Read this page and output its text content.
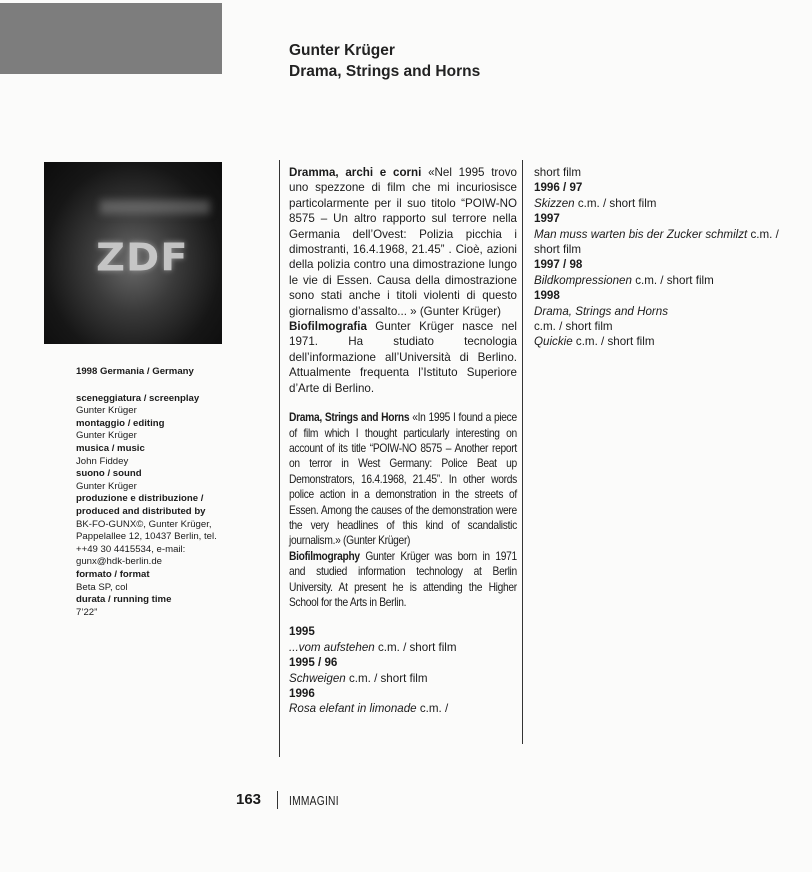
Gunter Krüger
Drama, Strings and Horns
ZDF
1998 Germania / Germany
sceneggiatura / screenplay
Gunter Krüger
montaggio / editing
Gunter Krüger
musica / music
John Fiddey
suono / sound
Gunter Krüger
produzione e distribuzione / produced and distributed by
BK-FO-GUNX©, Gunter Krüger, Pappelallee 12, 10437 Berlin, tel. ++49 30 4415534, e-mail: gunx@hdk-berlin.de
formato / format
Beta SP, col
durata / running time
7’22”
Dramma, archi e corni «Nel 1995 trovo uno spezzone di film che mi incuriosisce particolarmente per il suo titolo “POIW-NO 8575 – Un altro rapporto sul terrore nella Germania dell’Ovest: Polizia picchia i dimostranti, 16.4.1968, 21.45” . Cioè, azioni della polizia contro una dimostrazione lungo le vie di Essen. Causa della dimostrazione sono stati anche i titoli violenti di questo giornalismo d’assalto... » (Gunter Krüger)
Biofilmografia Gunter Krüger nasce nel 1971. Ha studiato tecnologia dell’informazione all’Università di Berlino. Attualmente frequenta l’Istituto Superiore d’Arte di Berlino.
Drama, Strings and Horns «In 1995 I found a piece of film which I thought particularly interesting on account of its title “POIW-NO 8575 – Another report on terror in West Germany: Police Beat up Demonstrators, 16.4.1968, 21.45”. In other words police action in a demonstration in the streets of Essen. Among the causes of the demonstration were the very headlines of this kind of scandalistic journalism.» (Gunter Krüger)
Biofilmography Gunter Krüger was born in 1971 and studied information technology at Berlin University. At present he is attending the Higher School for the Arts in Berlin.
1995
...vom aufstehen c.m. / short film
1995 / 96
Schweigen c.m. / short film
1996
Rosa elefant in limonade c.m. /
short film
1996 / 97
Skizzen c.m. / short film
1997
Man muss warten bis der Zucker schmilzt c.m. / short film
1997 / 98
Bildkompressionen c.m. / short film
1998
Drama, Strings and Horns
c.m. / short film
Quickie c.m. / short film
163 IMMAGINI
